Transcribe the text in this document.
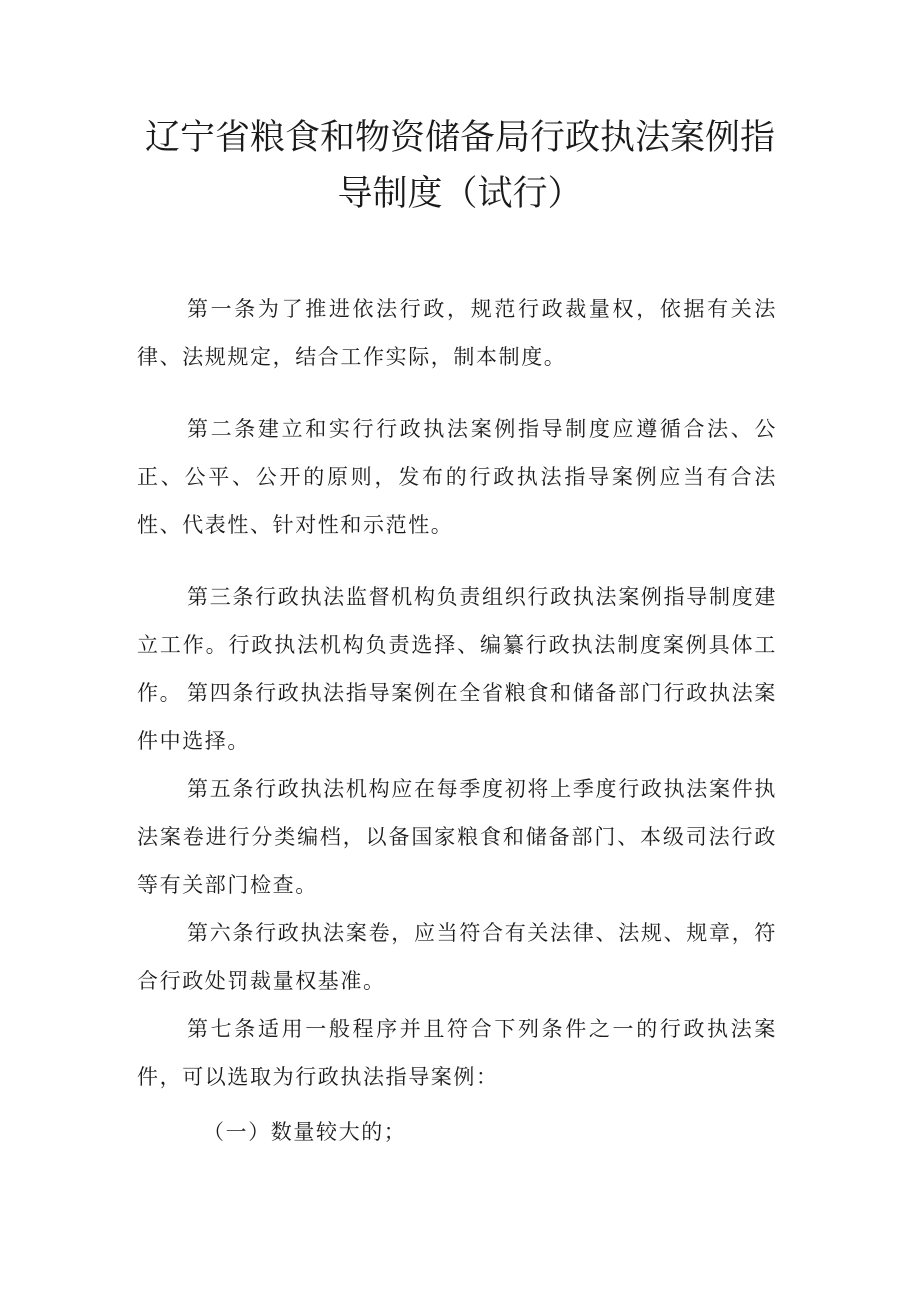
辽宁省粮食和物资储备局行政执法案例指
导制度（试行）
第一条为了推进依法行政，规范行政裁量权，依据有关法律、法规规定，结合工作实际，制本制度。
第二条建立和实行行政执法案例指导制度应遵循合法、公正、公平、公开的原则，发布的行政执法指导案例应当有合法性、代表性、针对性和示范性。
第三条行政执法监督机构负责组织行政执法案例指导制度建立工作。行政执法机构负责选择、编纂行政执法制度案例具体工作。 第四条行政执法指导案例在全省粮食和储备部门行政执法案件中选择。
第五条行政执法机构应在每季度初将上季度行政执法案件执法案卷进行分类编档，以备国家粮食和储备部门、本级司法行政等有关部门检查。
第六条行政执法案卷，应当符合有关法律、法规、规章，符合行政处罚裁量权基准。
第七条适用一般程序并且符合下列条件之一的行政执法案件，可以选取为行政执法指导案例：
（一）数量较大的；
